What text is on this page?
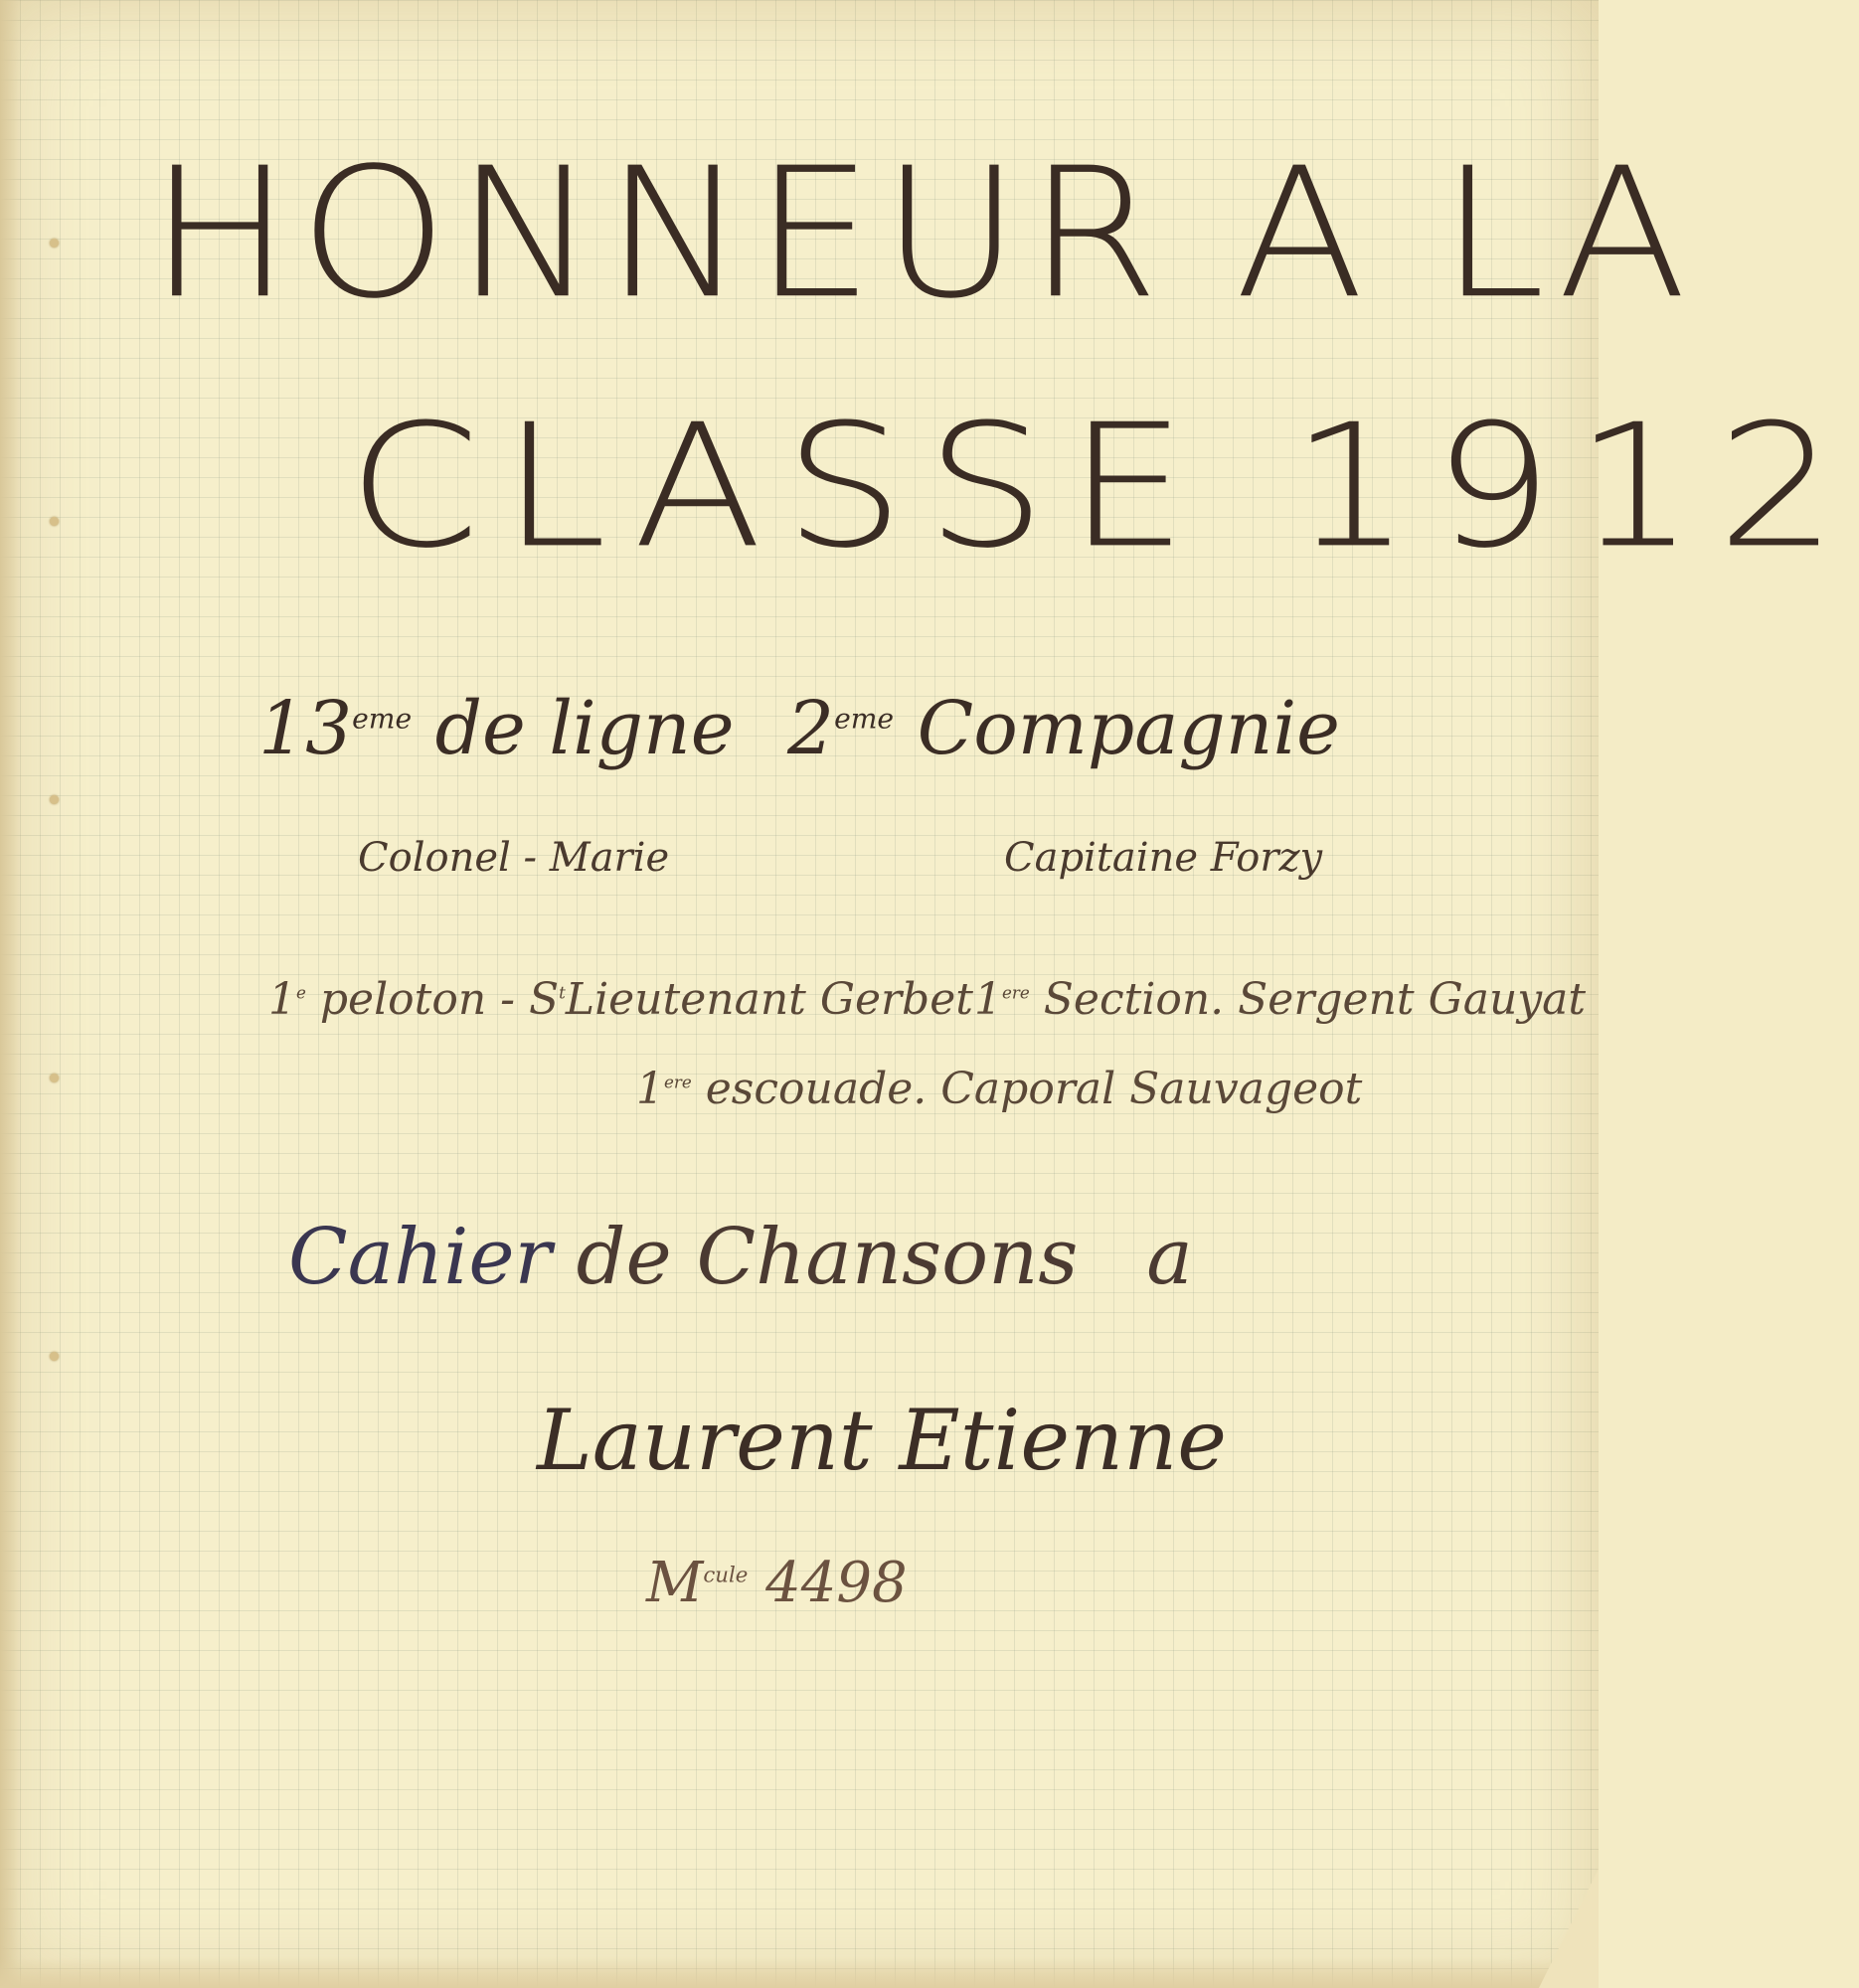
HONNEUR A LA
CLASSE 1912
13eme de ligne 2eme Compagnie
Colonel - Marie	Capitaine Forzy
1e peloton - $S^tLieutenant$ Gerbet 1ere Section. Sergent Gauyat
1ere escouade. Caporal Sauvageot
Cahier de Chansons a
Laurent Etienne
$M^{cule}$ 4498
